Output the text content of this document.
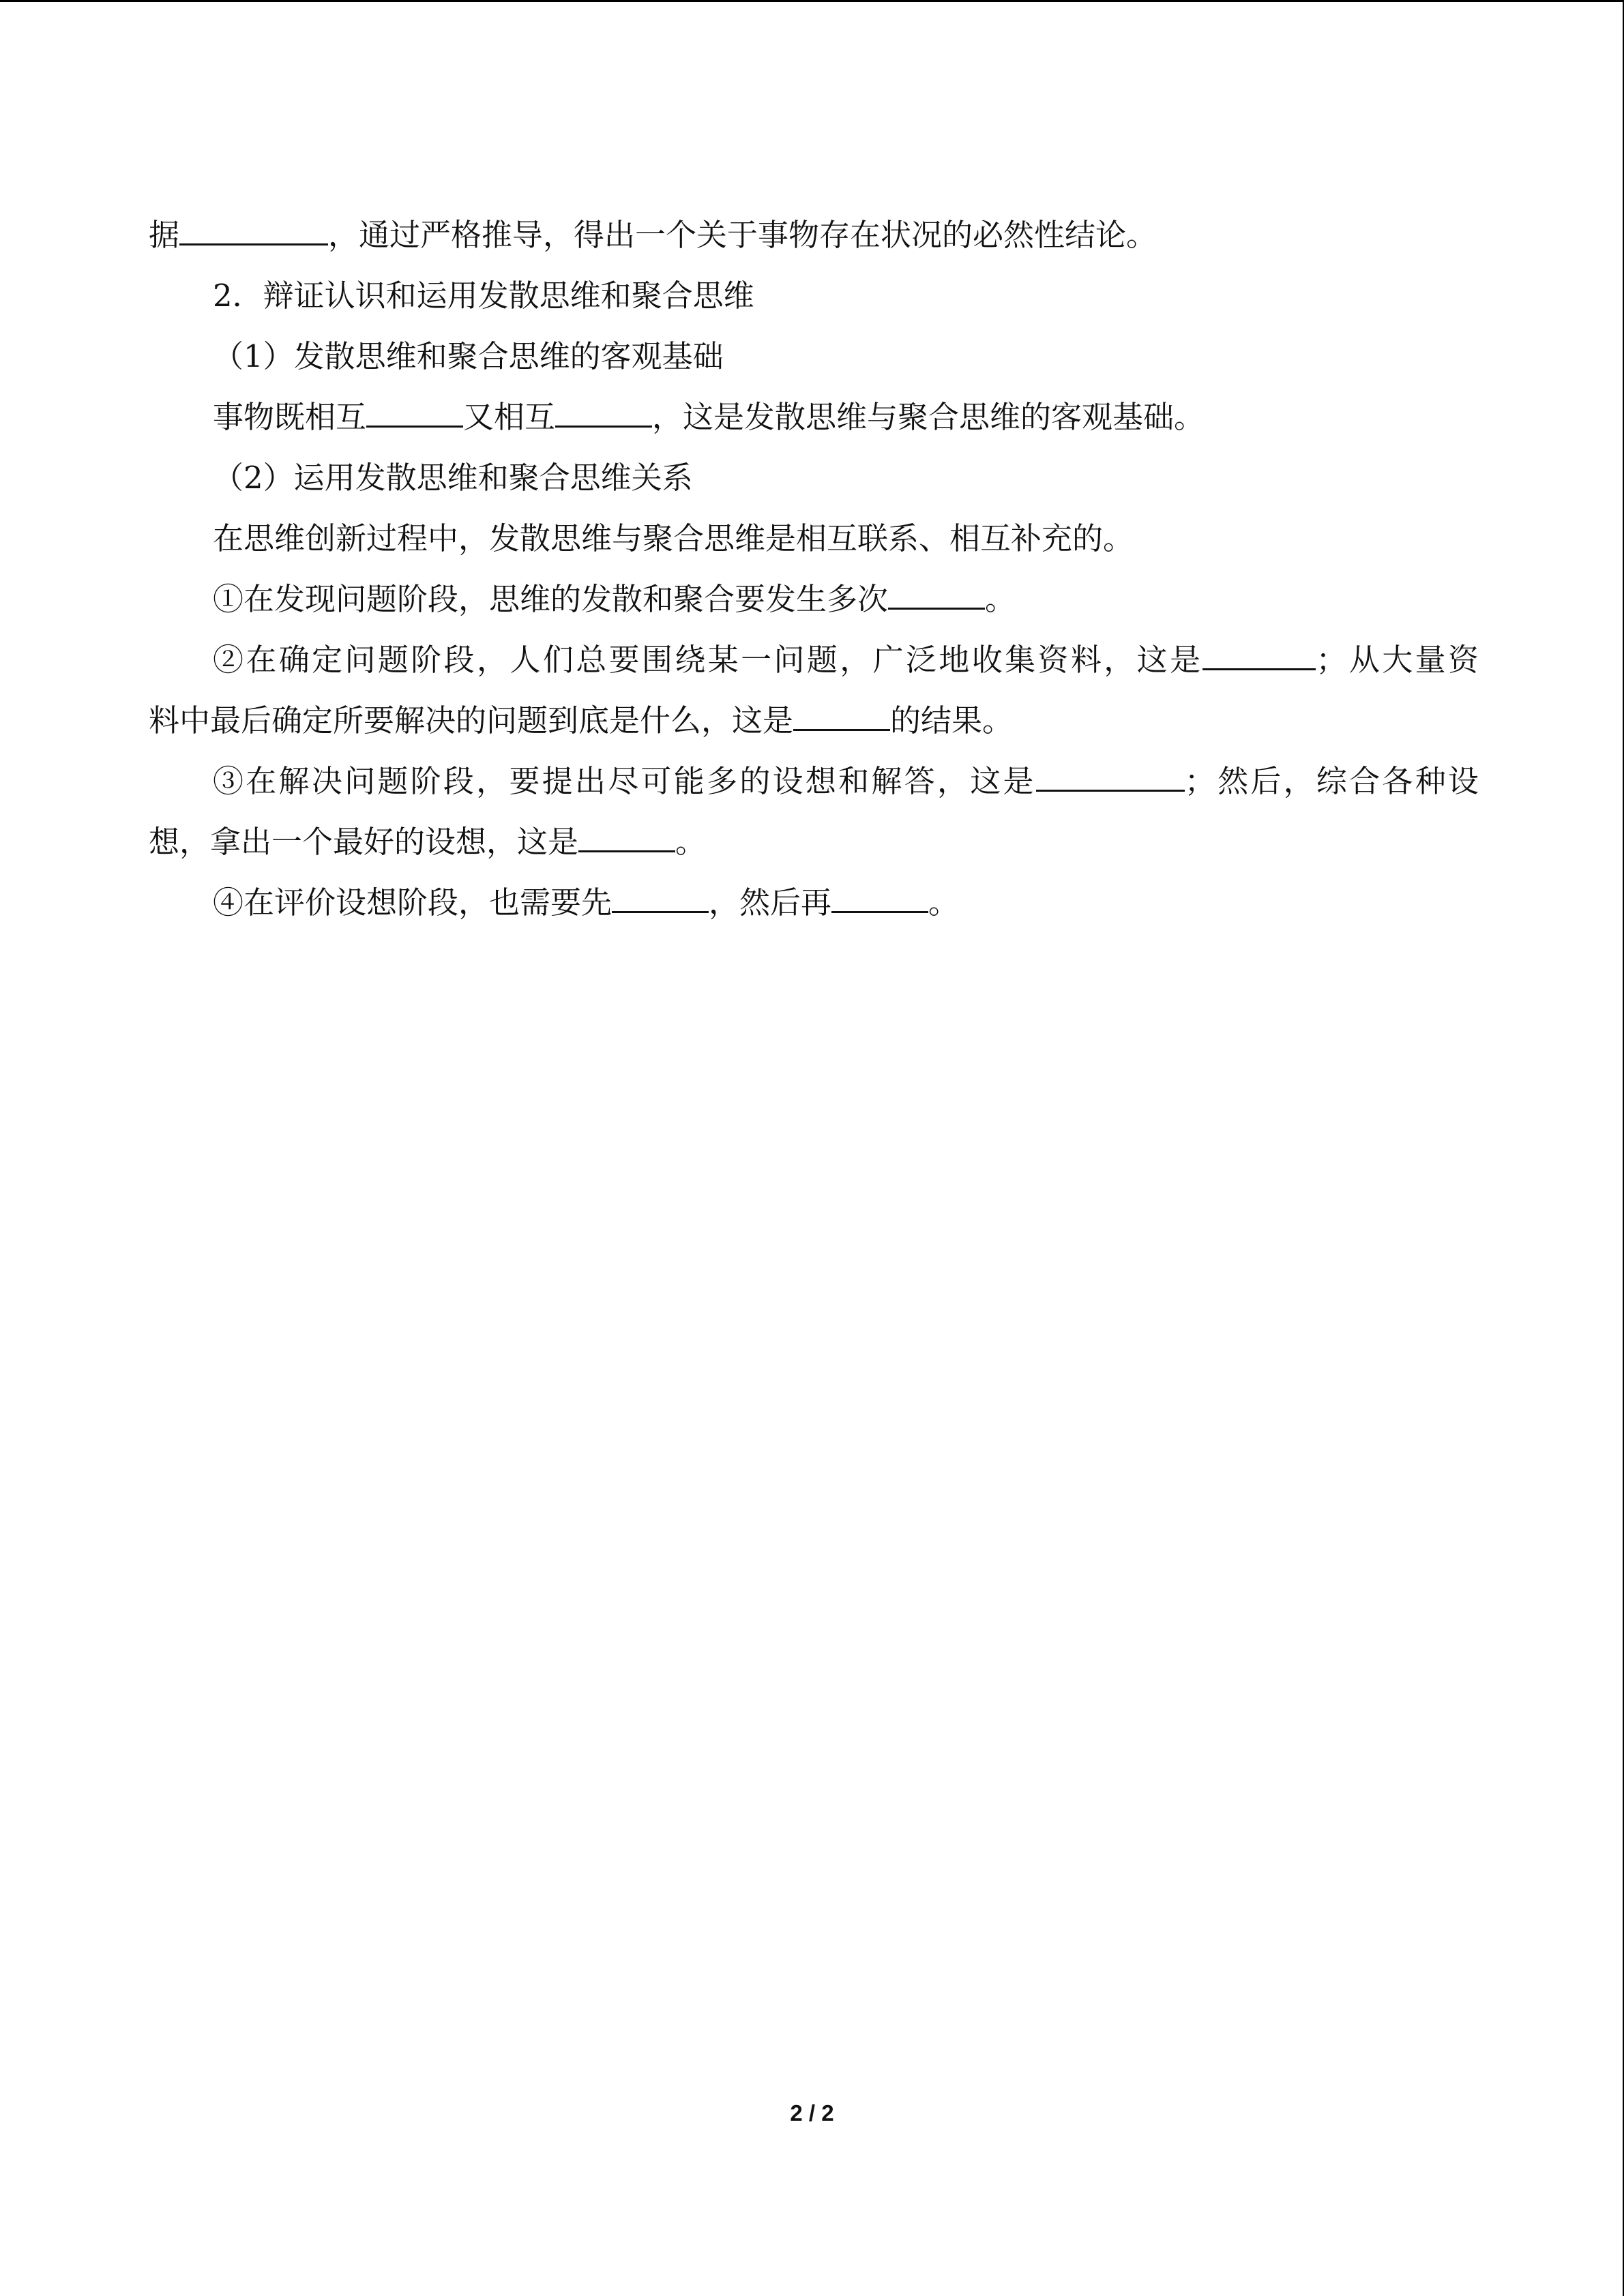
据	，通过严格推导，得出一个关于事物存在状况的必然性结论。
2．辩证认识和运用发散思维和聚合思维
（1）发散思维和聚合思维的客观基础
事物既相互	又相互	，这是发散思维与聚合思维的客观基础。
（2）运用发散思维和聚合思维关系
在思维创新过程中，发散思维与聚合思维是相互联系、相互补充的。
①在发现问题阶段，思维的发散和聚合要发生多次	。
②在确定问题阶段，人们总要围绕某一问题，广泛地收集资料，这是	；从大量资
料中最后确定所要解决的问题到底是什么，这是	的结果。
③在解决问题阶段，要提出尽可能多的设想和解答，这是	；然后，综合各种设
想，拿出一个最好的设想，这是	。
④在评价设想阶段，也需要先	，然后再	。
2 / 2
